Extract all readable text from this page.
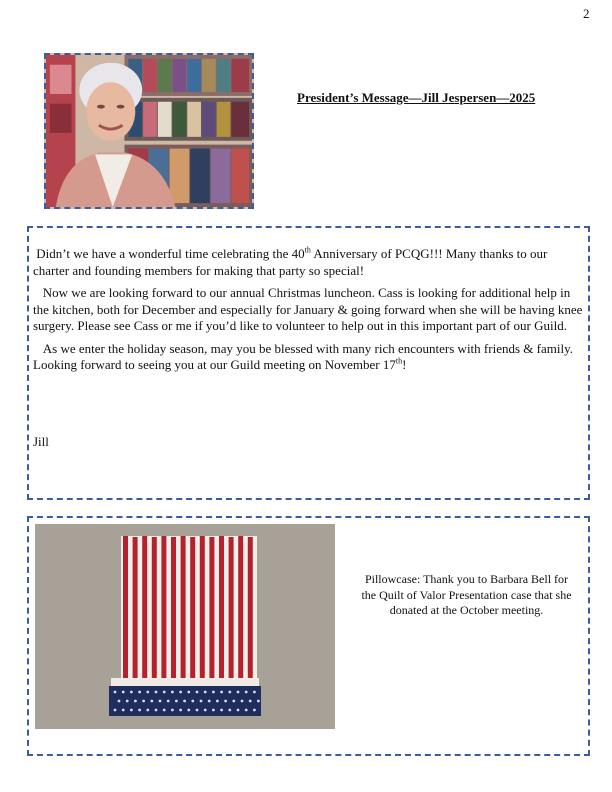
2
President’s Message—Jill Jespersen—2025

Didn’t we have a wonderful time celebrating the 40th Anniversary of PCQG!!! Many thanks to our charter and founding members for making that party so special!

Now we are looking forward to our annual Christmas luncheon. Cass is looking for additional help in the kitchen, both for December and especially for January & going forward when she will be having knee surgery. Please see Cass or me if you’d like to volunteer to help out in this important part of our Guild.

As we enter the holiday season, may you be blessed with many rich encounters with friends & family. Looking forward to seeing you at our Guild meeting on November 17th!

Jill
Pillowcase: Thank you to Barbara Bell for the Quilt of Valor Presentation case that she donated at the October meeting.
